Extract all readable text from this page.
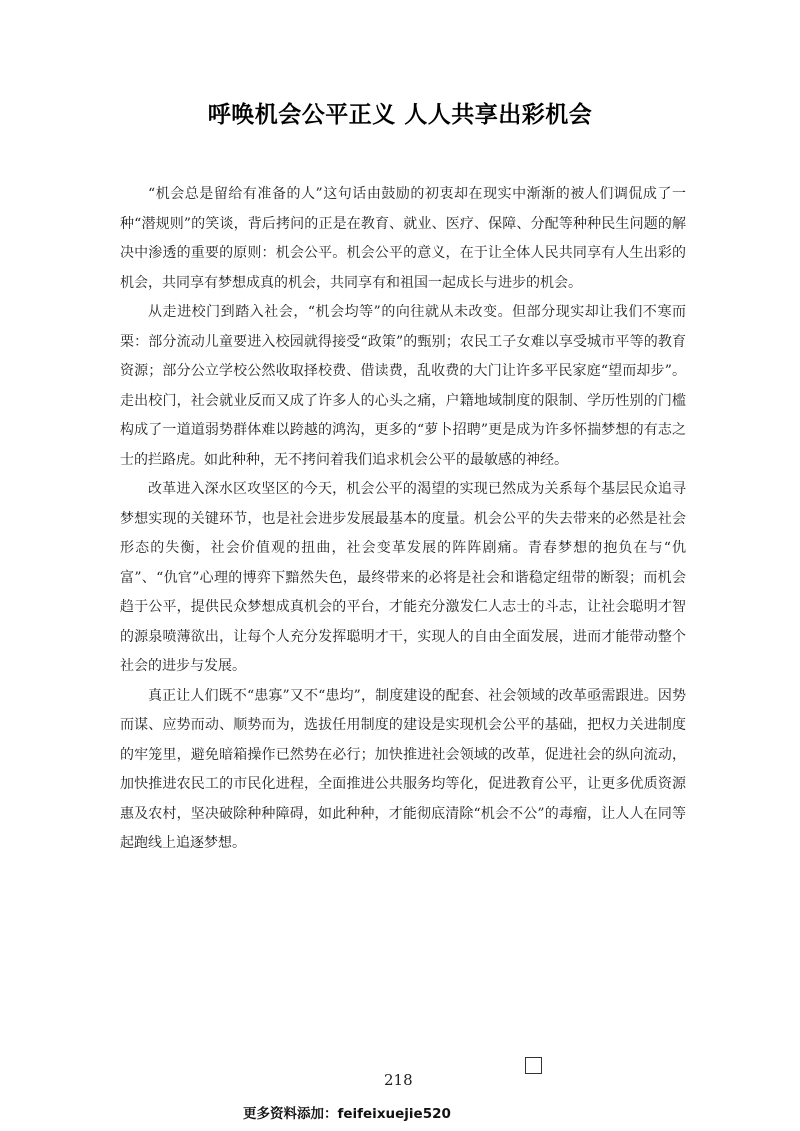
呼唤机会公平正义 人人共享出彩机会

“机会总是留给有准备的人”这句话由鼓励的初衷却在现实中渐渐的被人们调侃成了一种“潜规则”的笑谈，背后拷问的正是在教育、就业、医疗、保障、分配等种种民生问题的解决中渗透的重要的原则：机会公平。机会公平的意义，在于让全体人民共同享有人生出彩的机会，共同享有梦想成真的机会，共同享有和祖国一起成长与进步的机会。

从走进校门到踏入社会，“机会均等”的向往就从未改变。但部分现实却让我们不寒而栗：部分流动儿童要进入校园就得接受“政策”的甄别；农民工子女难以享受城市平等的教育资源；部分公立学校公然收取择校费、借读费，乱收费的大门让许多平民家庭“望而却步”。走出校门，社会就业反而又成了许多人的心头之痛，户籍地域制度的限制、学历性别的门槛构成了一道道弱势群体难以跨越的鸿沟，更多的“萝卜招聘”更是成为许多怀揣梦想的有志之士的拦路虎。如此种种，无不拷问着我们追求机会公平的最敏感的神经。

改革进入深水区攻坚区的今天，机会公平的渴望的实现已然成为关系每个基层民众追寻梦想实现的关键环节，也是社会进步发展最基本的度量。机会公平的失去带来的必然是社会形态的失衡，社会价值观的扭曲，社会变革发展的阵阵剧痛。青春梦想的抱负在与“仇富”、“仇官”心理的博弈下黯然失色，最终带来的必将是社会和谐稳定纽带的断裂；而机会趋于公平，提供民众梦想成真机会的平台，才能充分激发仁人志士的斗志，让社会聪明才智的源泉喷薄欲出，让每个人充分发挥聪明才干，实现人的自由全面发展，进而才能带动整个社会的进步与发展。

真正让人们既不“患寡”又不“患均”，制度建设的配套、社会领域的改革亟需跟进。因势而谋、应势而动、顺势而为，选拔任用制度的建设是实现机会公平的基础，把权力关进制度的牢笼里，避免暗箱操作已然势在必行；加快推进社会领域的改革，促进社会的纵向流动，加快推进农民工的市民化进程，全面推进公共服务均等化，促进教育公平，让更多优质资源惠及农村，坚决破除种种障碍，如此种种，才能彻底清除“机会不公”的毒瘤，让人人在同等起跑线上追逐梦想。

218
更多资料添加：feifeixuejie520
